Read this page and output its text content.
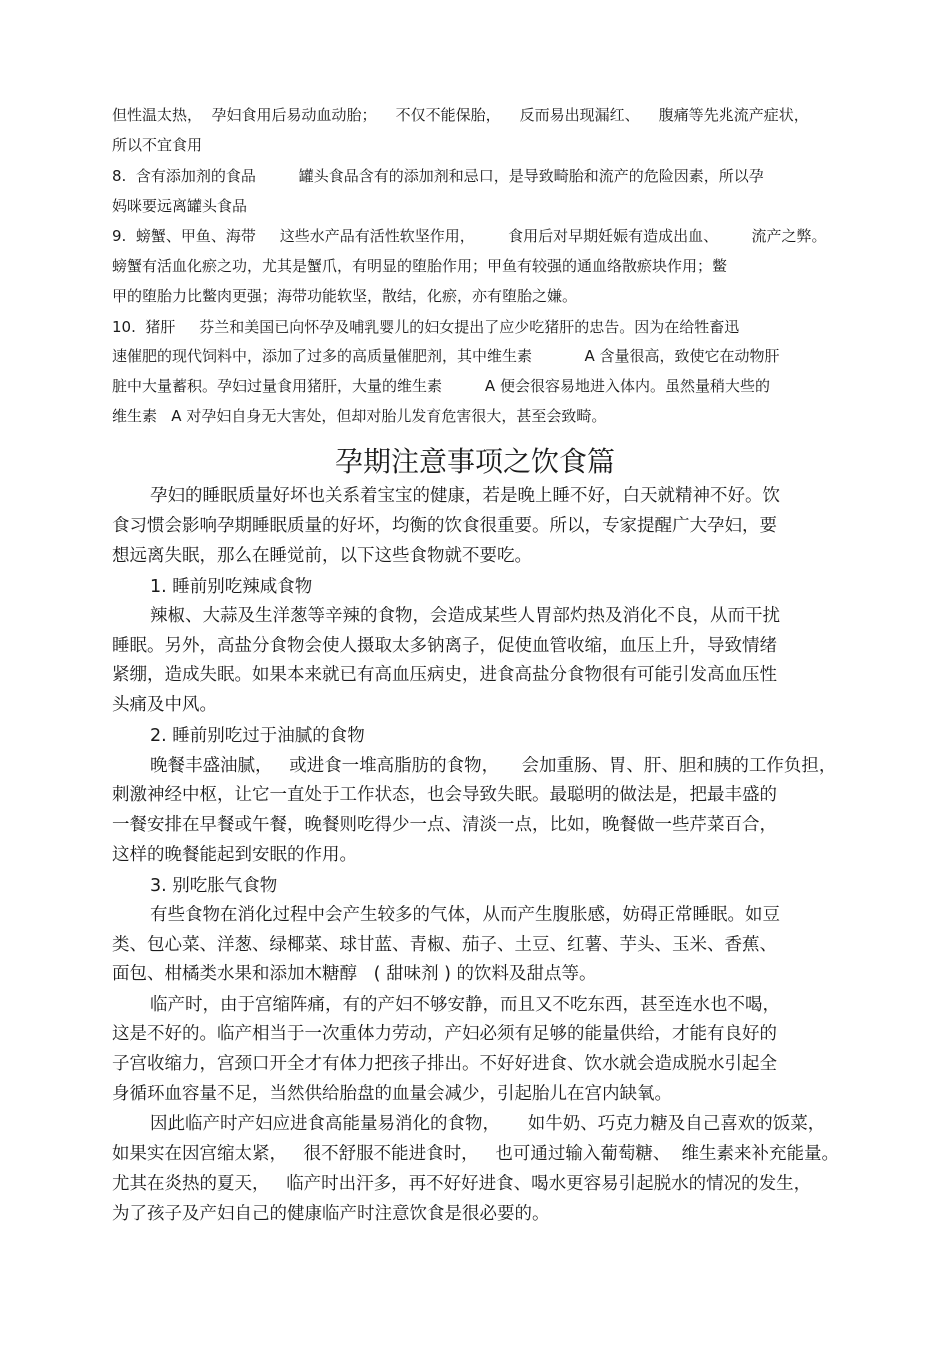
但性温太热，  孕妇食用后易动血动胎；    不仅不能保胎，    反而易出现漏红、    腹痛等先兆流产症状，
所以不宜食用
8.  含有添加剂的食品         罐头食品含有的添加剂和忌口，是导致畸胎和流产的危险因素，所以孕
妈咪要远离罐头食品
9.  螃蟹、甲鱼、海带     这些水产品有活性软坚作用，       食用后对早期妊娠有造成出血、       流产之弊。
螃蟹有活血化瘀之功，尤其是蟹爪，有明显的堕胎作用；甲鱼有较强的通血络散瘀块作用；鳖
甲的堕胎力比鳖肉更强；海带功能软坚，散结，化瘀，亦有堕胎之嫌。
10.  猪肝     芬兰和美国已向怀孕及哺乳婴儿的妇女提出了应少吃猪肝的忠告。因为在给牲畜迅
速催肥的现代饲料中，添加了过多的高质量催肥剂，其中维生素           A 含量很高，致使它在动物肝
脏中大量蓄积。孕妇过量食用猪肝，大量的维生素         A 便会很容易地进入体内。虽然量稍大些的
维生素   A 对孕妇自身无大害处，但却对胎儿发育危害很大，甚至会致畸。
孕期注意事项之饮食篇
孕妇的睡眠质量好坏也关系着宝宝的健康，若是晚上睡不好，白天就精神不好。饮
食习惯会影响孕期睡眠质量的好坏，均衡的饮食很重要。所以，专家提醒广大孕妇，要
想远离失眠，那么在睡觉前，以下这些食物就不要吃。
1. 睡前别吃辣咸食物
辣椒、大蒜及生洋葱等辛辣的食物，会造成某些人胃部灼热及消化不良，从而干扰
睡眠。另外，高盐分食物会使人摄取太多钠离子，促使血管收缩，血压上升，导致情绪
紧绷，造成失眠。如果本来就已有高血压病史，进食高盐分食物很有可能引发高血压性
头痛及中风。
2. 睡前别吃过于油腻的食物
晚餐丰盛油腻，   或进食一堆高脂肪的食物，    会加重肠、胃、肝、胆和胰的工作负担，
刺激神经中枢，让它一直处于工作状态，也会导致失眠。最聪明的做法是，把最丰盛的
一餐安排在早餐或午餐，晚餐则吃得少一点、清淡一点，比如，晚餐做一些芹菜百合，
这样的晚餐能起到安眠的作用。
3. 别吃胀气食物
有些食物在消化过程中会产生较多的气体，从而产生腹胀感，妨碍正常睡眠。如豆
类、包心菜、洋葱、绿椰菜、球甘蓝、青椒、茄子、土豆、红薯、芋头、玉米、香蕉、
面包、柑橘类水果和添加木糖醇   ( 甜味剂 ) 的饮料及甜点等。
临产时，由于宫缩阵痛，有的产妇不够安静，而且又不吃东西，甚至连水也不喝，
这是不好的。临产相当于一次重体力劳动，产妇必须有足够的能量供给，才能有良好的
子宫收缩力，宫颈口开全才有体力把孩子排出。不好好进食、饮水就会造成脱水引起全
身循环血容量不足，当然供给胎盘的血量会减少，引起胎儿在宫内缺氧。
因此临产时产妇应进食高能量易消化的食物，     如牛奶、巧克力糖及自己喜欢的饭菜，
如果实在因宫缩太紧，   很不舒服不能进食时，   也可通过输入葡萄糖、  维生素来补充能量。
尤其在炎热的夏天，   临产时出汗多，再不好好进食、喝水更容易引起脱水的情况的发生，
为了孩子及产妇自己的健康临产时注意饮食是很必要的。
